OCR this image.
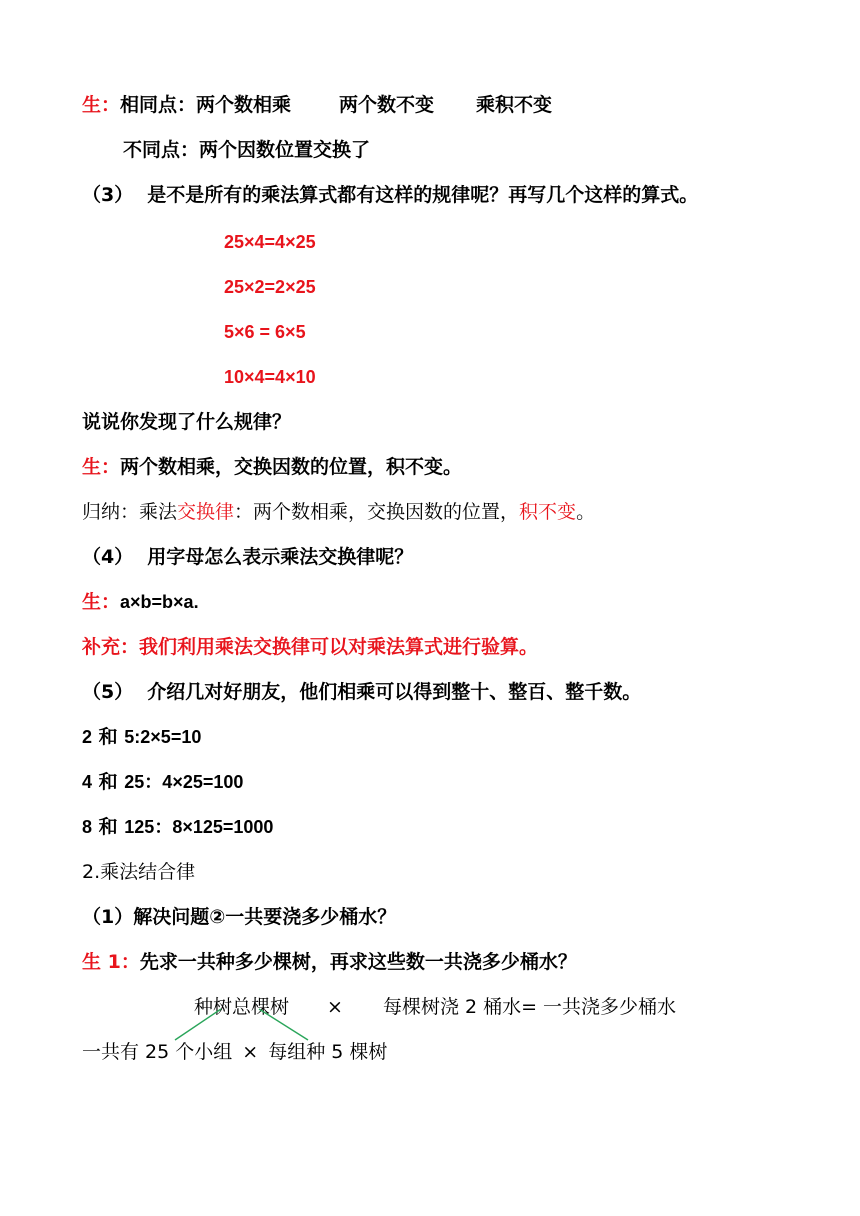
生：相同点：两个数相乘	两个数不变 乘积不变
不同点：两个因数位置交换了
（3） 是不是所有的乘法算式都有这样的规律呢？再写几个这样的算式。
25×4=4×25
25×2=2×25
5×6 = 6×5
10×4=4×10
说说你发现了什么规律？
生：两个数相乘，交换因数的位置，积不变。
归纳：乘法交换律：两个数相乘，交换因数的位置，积不变。
（4） 用字母怎么表示乘法交换律呢？
生：a×b=b×a.
补充：我们利用乘法交换律可以对乘法算式进行验算。
（5） 介绍几对好朋友，他们相乘可以得到整十、整百、整千数。
2 和 5:2×5=10
4 和 25：4×25=100
8 和 125：8×125=1000
2.乘法结合律
（1）解决问题②一共要浇多少桶水？
生 1：先求一共种多少棵树，再求这些数一共浇多少桶水？
种树总棵树 × 每棵树浇 2 桶水= 一共浇多少桶水
一共有 25 个小组 × 每组种 5 棵树
